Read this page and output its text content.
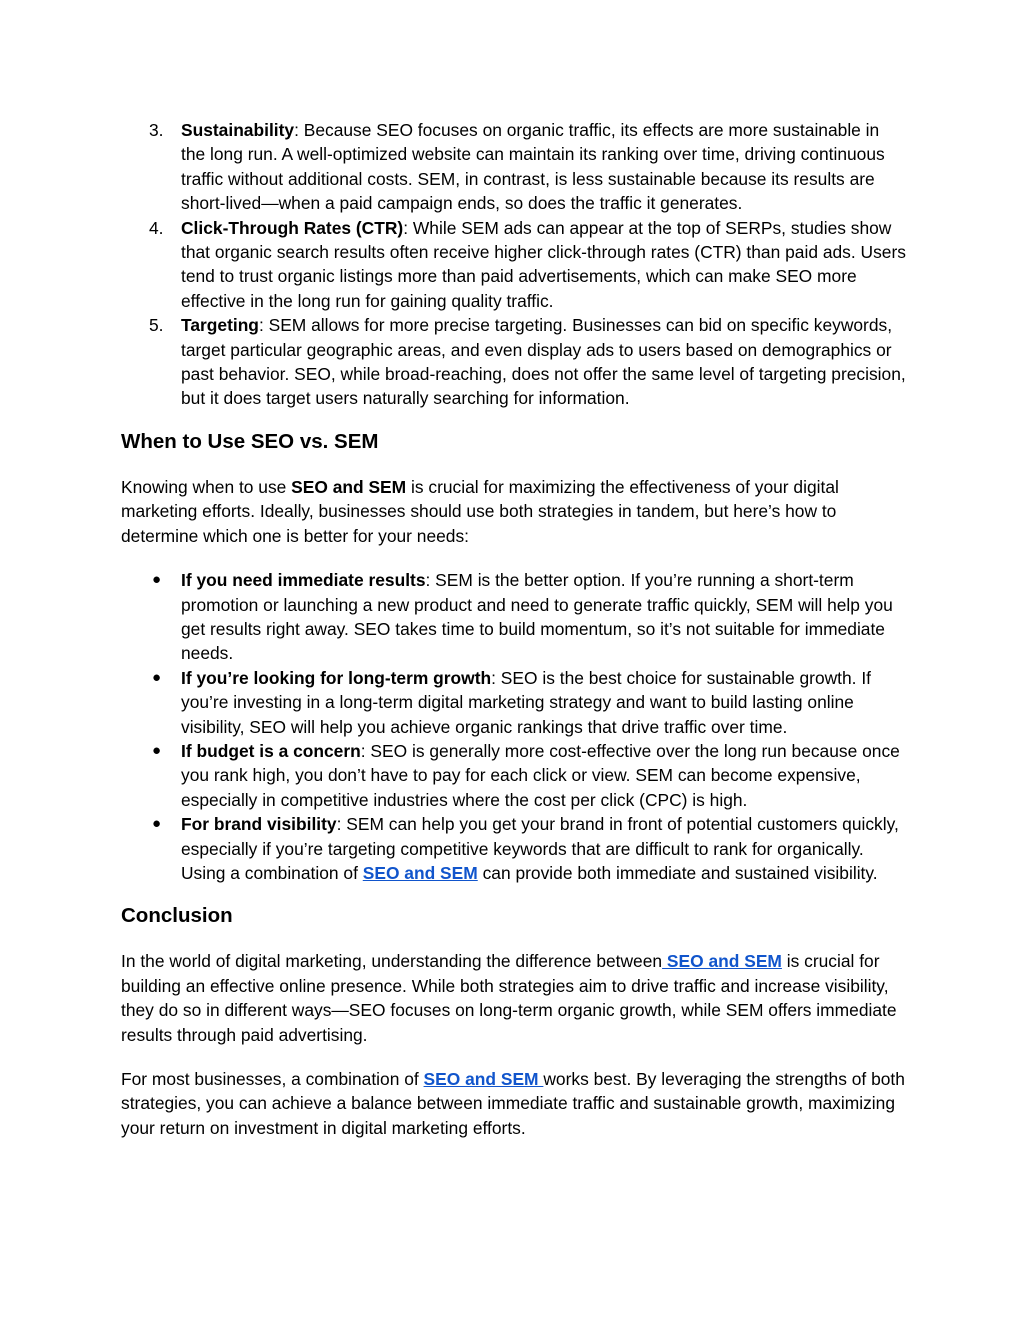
3.	Sustainability: Because SEO focuses on organic traffic, its effects are more sustainable in the long run. A well-optimized website can maintain its ranking over time, driving continuous traffic without additional costs. SEM, in contrast, is less sustainable because its results are short-lived—when a paid campaign ends, so does the traffic it generates.
4.	Click-Through Rates (CTR): While SEM ads can appear at the top of SERPs, studies show that organic search results often receive higher click-through rates (CTR) than paid ads. Users tend to trust organic listings more than paid advertisements, which can make SEO more effective in the long run for gaining quality traffic.
5.	Targeting: SEM allows for more precise targeting. Businesses can bid on specific keywords, target particular geographic areas, and even display ads to users based on demographics or past behavior. SEO, while broad-reaching, does not offer the same level of targeting precision, but it does target users naturally searching for information.
When to Use SEO vs. SEM

Knowing when to use SEO and SEM is crucial for maximizing the effectiveness of your digital marketing efforts. Ideally, businesses should use both strategies in tandem, but here’s how to determine which one is better for your needs:

●	If you need immediate results: SEM is the better option. If you’re running a short-term promotion or launching a new product and need to generate traffic quickly, SEM will help you get results right away. SEO takes time to build momentum, so it’s not suitable for immediate needs.
●	If you’re looking for long-term growth: SEO is the best choice for sustainable growth. If you’re investing in a long-term digital marketing strategy and want to build lasting online visibility, SEO will help you achieve organic rankings that drive traffic over time.
●	If budget is a concern: SEO is generally more cost-effective over the long run because once you rank high, you don’t have to pay for each click or view. SEM can become expensive, especially in competitive industries where the cost per click (CPC) is high.
●	For brand visibility: SEM can help you get your brand in front of potential customers quickly, especially if you’re targeting competitive keywords that are difficult to rank for organically. Using a combination of SEO and SEM can provide both immediate and sustained visibility.
Conclusion

In the world of digital marketing, understanding the difference between SEO and SEM is crucial for building an effective online presence. While both strategies aim to drive traffic and increase visibility, they do so in different ways—SEO focuses on long-term organic growth, while SEM offers immediate results through paid advertising.

For most businesses, a combination of SEO and SEM works best. By leveraging the strengths of both strategies, you can achieve a balance between immediate traffic and sustainable growth, maximizing your return on investment in digital marketing efforts.
